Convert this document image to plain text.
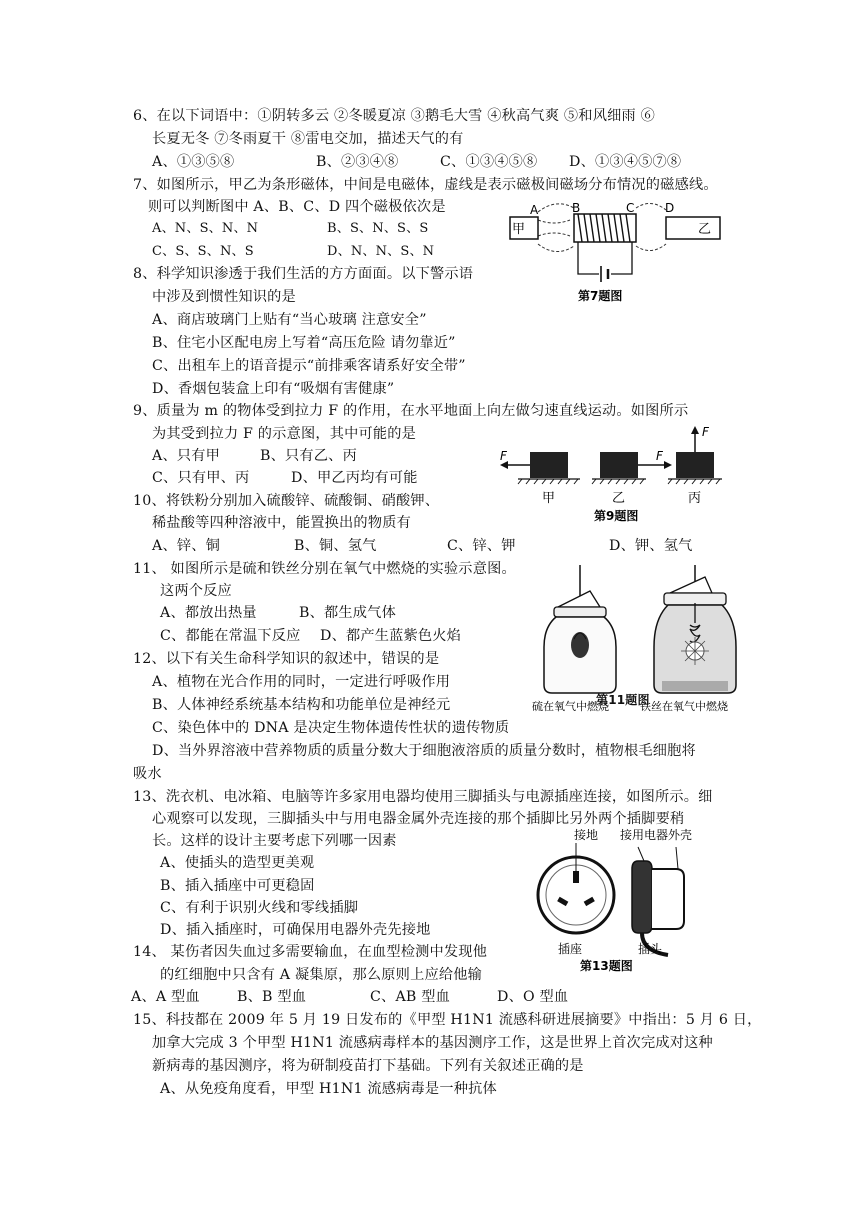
6、在以下词语中：①阴转多云 ②冬暖夏凉 ③鹅毛大雪 ④秋高气爽 ⑤和风细雨 ⑥
长夏无冬 ⑦冬雨夏干 ⑧雷电交加，描述天气的有
A、①③⑤⑧	B、②③④⑧	C、①③④⑤⑧ D、①③④⑤⑦⑧
7、如图所示，甲乙为条形磁体，中间是电磁体，虚线是表示磁极间磁场分布情况的磁感线。
则可以判断图中 A、B、C、D 四个磁极依次是
A、N、S、N、N	B、S、N、S、S
C、S、S、N、S	D、N、N、S、N
A	B	C	D
甲	乙
第7题图
8、科学知识渗透于我们生活的方方面面。以下警示语
中涉及到惯性知识的是
A、商店玻璃门上贴有“当心玻璃 注意安全”
B、住宅小区配电房上写着“高压危险 请勿靠近”
C、出租车上的语音提示“前排乘客请系好安全带”
D、香烟包装盒上印有“吸烟有害健康”
9、质量为 m 的物体受到拉力 F 的作用，在水平地面上向左做匀速直线运动。如图所示
为其受到拉力 F 的示意图，其中可能的是
A、只有甲	B、只有乙、丙
C、只有甲、丙	D、甲乙丙均有可能
F	F
F
甲	乙	丙
第9题图
10、将铁粉分别加入硫酸锌、硫酸铜、硝酸钾、
稀盐酸等四种溶液中，能置换出的物质有
A、锌、铜	B、铜、氢气	C、锌、钾	D、钾、氢气
11、 如图所示是硫和铁丝分别在氧气中燃烧的实验示意图。
这两个反应
A、都放出热量	B、都生成气体
C、都能在常温下反应 D、都产生蓝紫色火焰
硫在氧气中燃烧	铁丝在氧气中燃烧
第11题图
12、以下有关生命科学知识的叙述中，错误的是
A、植物在光合作用的同时，一定进行呼吸作用
B、人体神经系统基本结构和功能单位是神经元
C、染色体中的 DNA 是决定生物体遗传性状的遗传物质
D、当外界溶液中营养物质的质量分数大于细胞液溶质的质量分数时，植物根毛细胞将
吸水
13、洗衣机、电冰箱、电脑等许多家用电器均使用三脚插头与电源插座连接，如图所示。细
心观察可以发现，三脚插头中与用电器金属外壳连接的那个插脚比另外两个插脚要稍
长。这样的设计主要考虑下列哪一因素
A、使插头的造型更美观
B、插入插座中可更稳固
C、有利于识别火线和零线插脚
D、插入插座时，可确保用电器外壳先接地
接地 接用电器外壳
插座	插头
第13题图
14、 某伤者因失血过多需要输血，在血型检测中发现他
的红细胞中只含有 A 凝集原，那么原则上应给他输
A、A 型血	B、B 型血	C、AB 型血	D、O 型血
15、科技都在 2009 年 5 月 19 日发布的《甲型 H1N1 流感科研进展摘要》中指出：5 月 6 日，
加拿大完成 3 个甲型 H1N1 流感病毒样本的基因测序工作，这是世界上首次完成对这种
新病毒的基因测序，将为研制疫苗打下基础。下列有关叙述正确的是
A、从免疫角度看，甲型 H1N1 流感病毒是一种抗体
